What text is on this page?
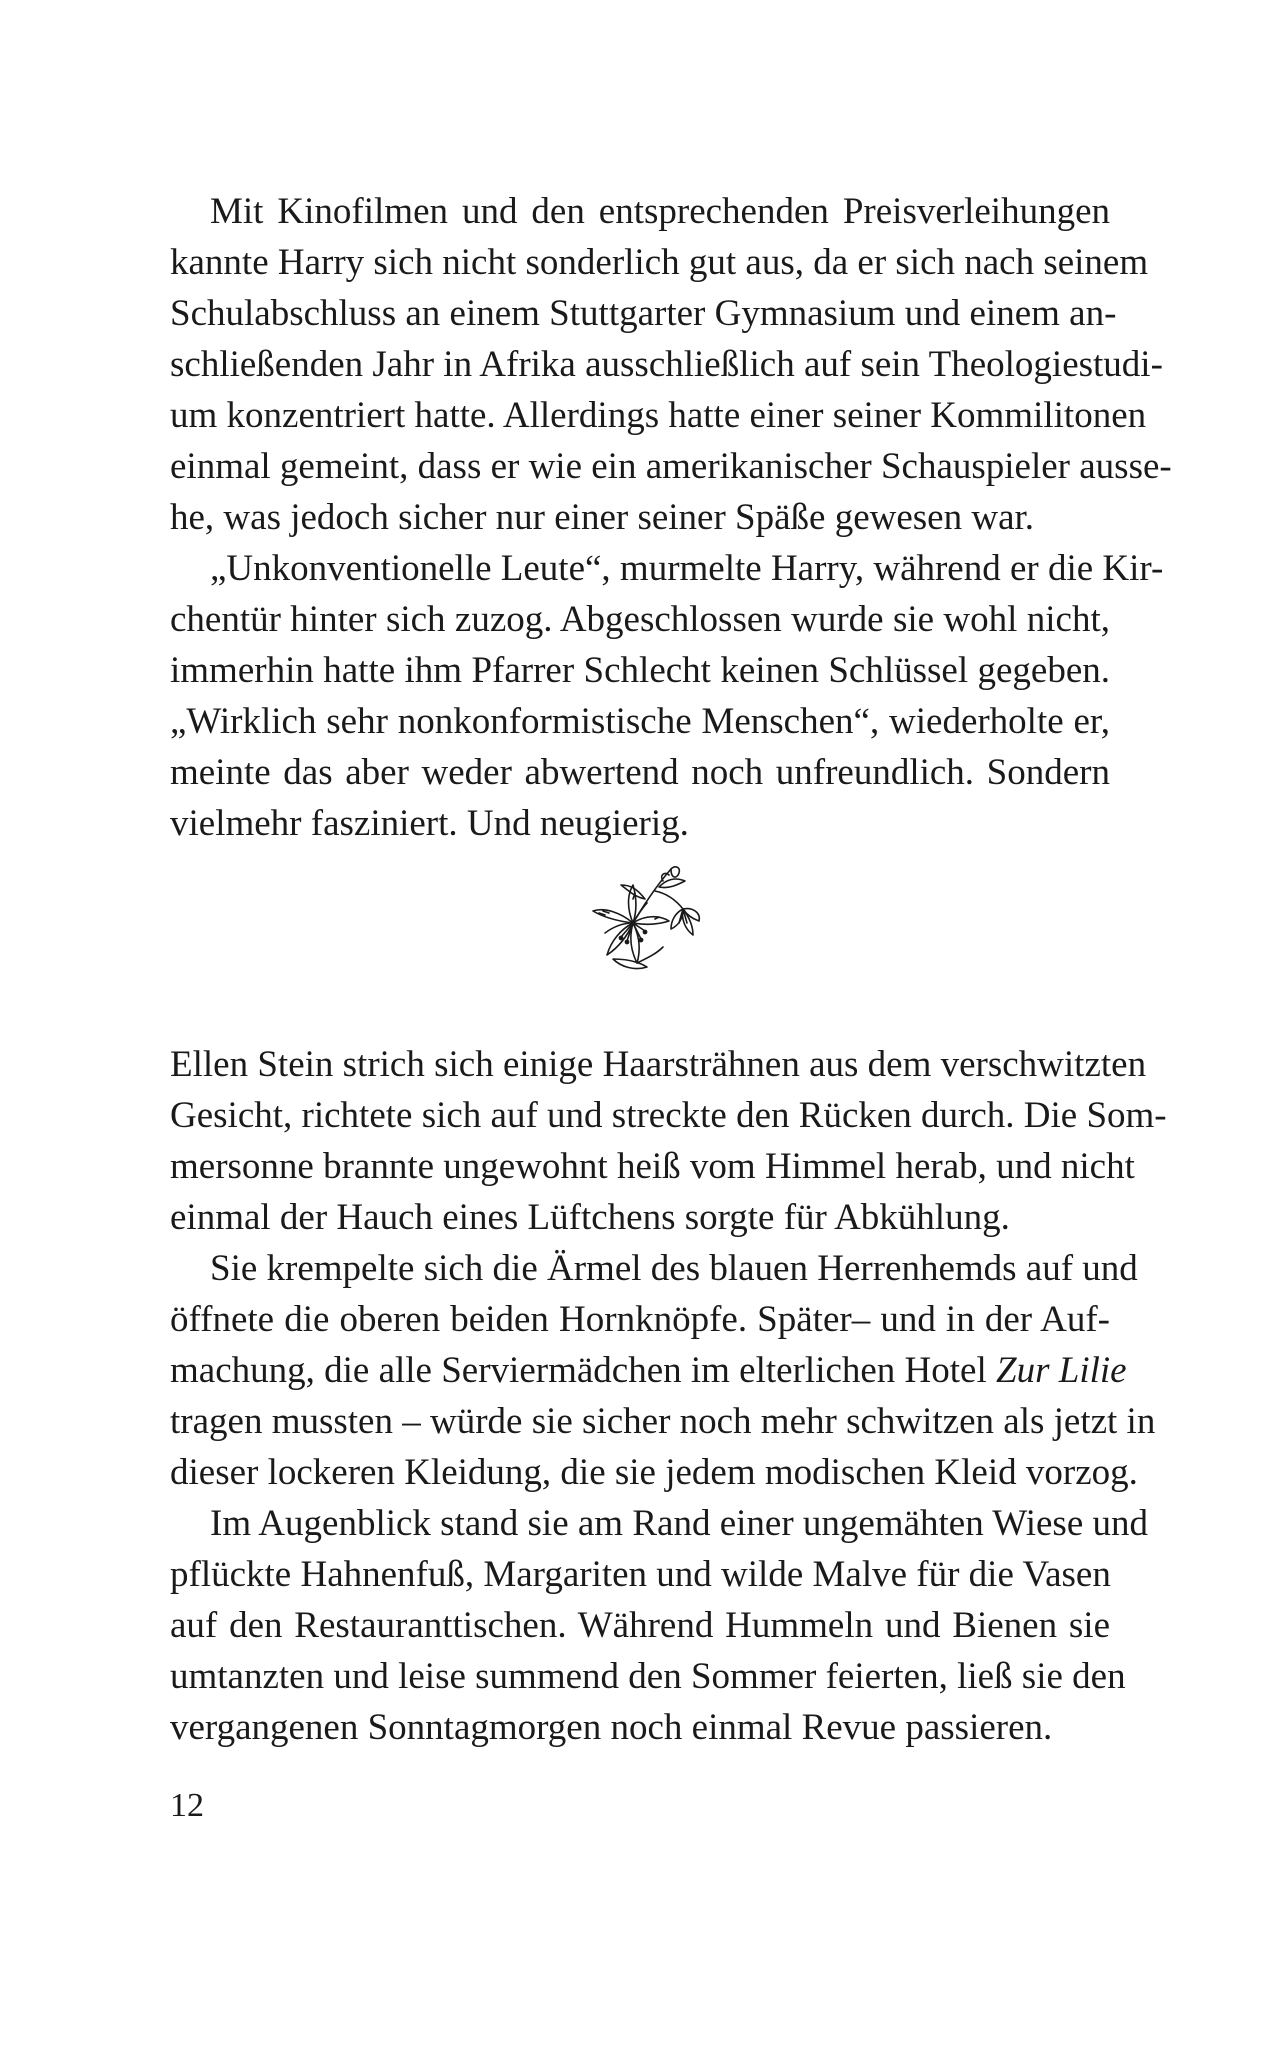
Mit Kinofilmen und den entsprechenden Preisverleihungen
kannte Harry sich nicht sonderlich gut aus, da er sich nach seinem
Schulabschluss an einem Stuttgarter Gymnasium und einem an-
schließenden Jahr in Afrika ausschließlich auf sein Theologiestudi-
um konzentriert hatte. Allerdings hatte einer seiner Kommilitonen
einmal gemeint, dass er wie ein amerikanischer Schauspieler ausse-
he, was jedoch sicher nur einer seiner Späße gewesen war.
„Unkonventionelle Leute“, murmelte Harry, während er die Kir-
chentür hinter sich zuzog. Abgeschlossen wurde sie wohl nicht,
immerhin hatte ihm Pfarrer Schlecht keinen Schlüssel gegeben.
„Wirklich sehr nonkonformistische Menschen“, wiederholte er,
meinte das aber weder abwertend noch unfreundlich. Sondern
vielmehr fasziniert. Und neugierig.
Ellen Stein strich sich einige Haarsträhnen aus dem verschwitzten
Gesicht, richtete sich auf und streckte den Rücken durch. Die Som-
mersonne brannte ungewohnt heiß vom Himmel herab, und nicht
einmal der Hauch eines Lüftchens sorgte für Abkühlung.
Sie krempelte sich die Ärmel des blauen Herrenhemds auf und
öffnete die oberen beiden Hornknöpfe. Später– und in der Auf-
machung, die alle Serviermädchen im elterlichen Hotel Zur Lilie
tragen mussten – würde sie sicher noch mehr schwitzen als jetzt in
dieser lockeren Kleidung, die sie jedem modischen Kleid vorzog.
Im Augenblick stand sie am Rand einer ungemähten Wiese und
pflückte Hahnenfuß, Margariten und wilde Malve für die Vasen
auf den Restauranttischen. Während Hummeln und Bienen sie
umtanzten und leise summend den Sommer feierten, ließ sie den
vergangenen Sonntagmorgen noch einmal Revue passieren.
12
